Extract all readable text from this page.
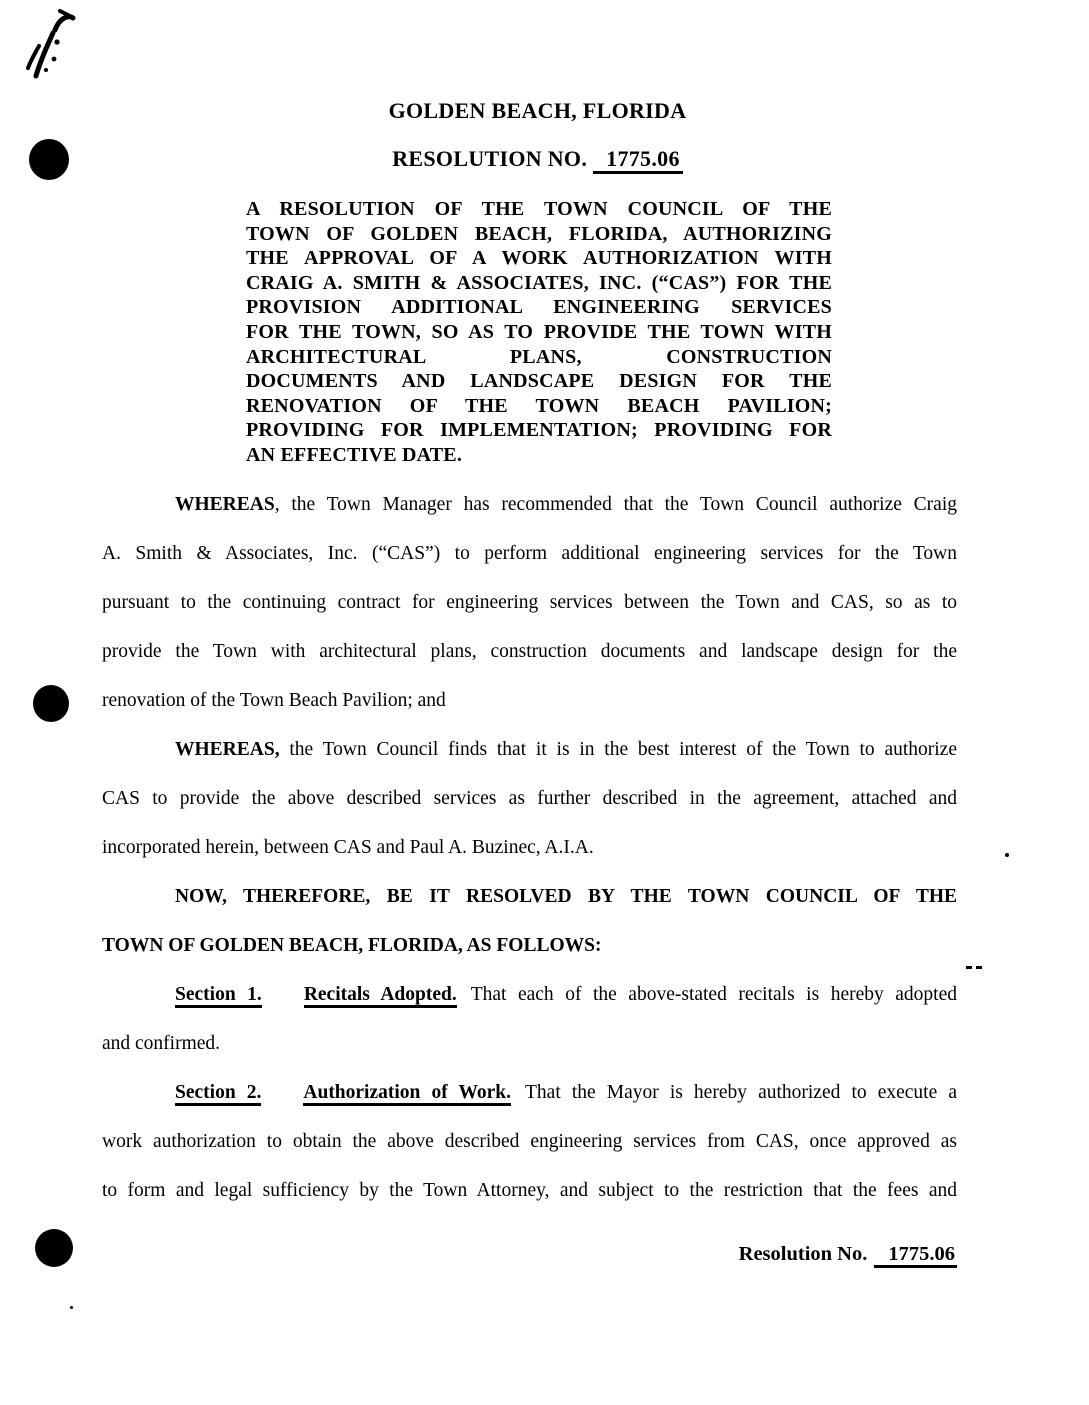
GOLDEN BEACH, FLORIDA
RESOLUTION NO. 1775.06
A RESOLUTION OF THE TOWN COUNCIL OF THE
TOWN OF GOLDEN BEACH, FLORIDA, AUTHORIZING
THE APPROVAL OF A WORK AUTHORIZATION WITH
CRAIG A. SMITH & ASSOCIATES, INC. (“CAS”) FOR THE
PROVISION ADDITIONAL ENGINEERING SERVICES
FOR THE TOWN, SO AS TO PROVIDE THE TOWN WITH
ARCHITECTURAL PLANS, CONSTRUCTION
DOCUMENTS AND LANDSCAPE DESIGN FOR THE
RENOVATION OF THE TOWN BEACH PAVILION;
PROVIDING FOR IMPLEMENTATION; PROVIDING FOR
AN EFFECTIVE DATE.
WHEREAS, the Town Manager has recommended that the Town Council authorize Craig
A. Smith & Associates, Inc. (“CAS”) to perform additional engineering services for the Town
pursuant to the continuing contract for engineering services between the Town and CAS, so as to
provide the Town with architectural plans, construction documents and landscape design for the
renovation of the Town Beach Pavilion; and
WHEREAS, the Town Council finds that it is in the best interest of the Town to authorize
CAS to provide the above described services as further described in the agreement, attached and
incorporated herein, between CAS and Paul A. Buzinec, A.I.A.
NOW, THEREFORE, BE IT RESOLVED BY THE TOWN COUNCIL OF THE
TOWN OF GOLDEN BEACH, FLORIDA, AS FOLLOWS:
Section 1. Recitals Adopted. That each of the above-stated recitals is hereby adopted
and confirmed.
Section 2. Authorization of Work. That the Mayor is hereby authorized to execute a
work authorization to obtain the above described engineering services from CAS, once approved as
to form and legal sufficiency by the Town Attorney, and subject to the restriction that the fees and
Resolution No. 1775.06
